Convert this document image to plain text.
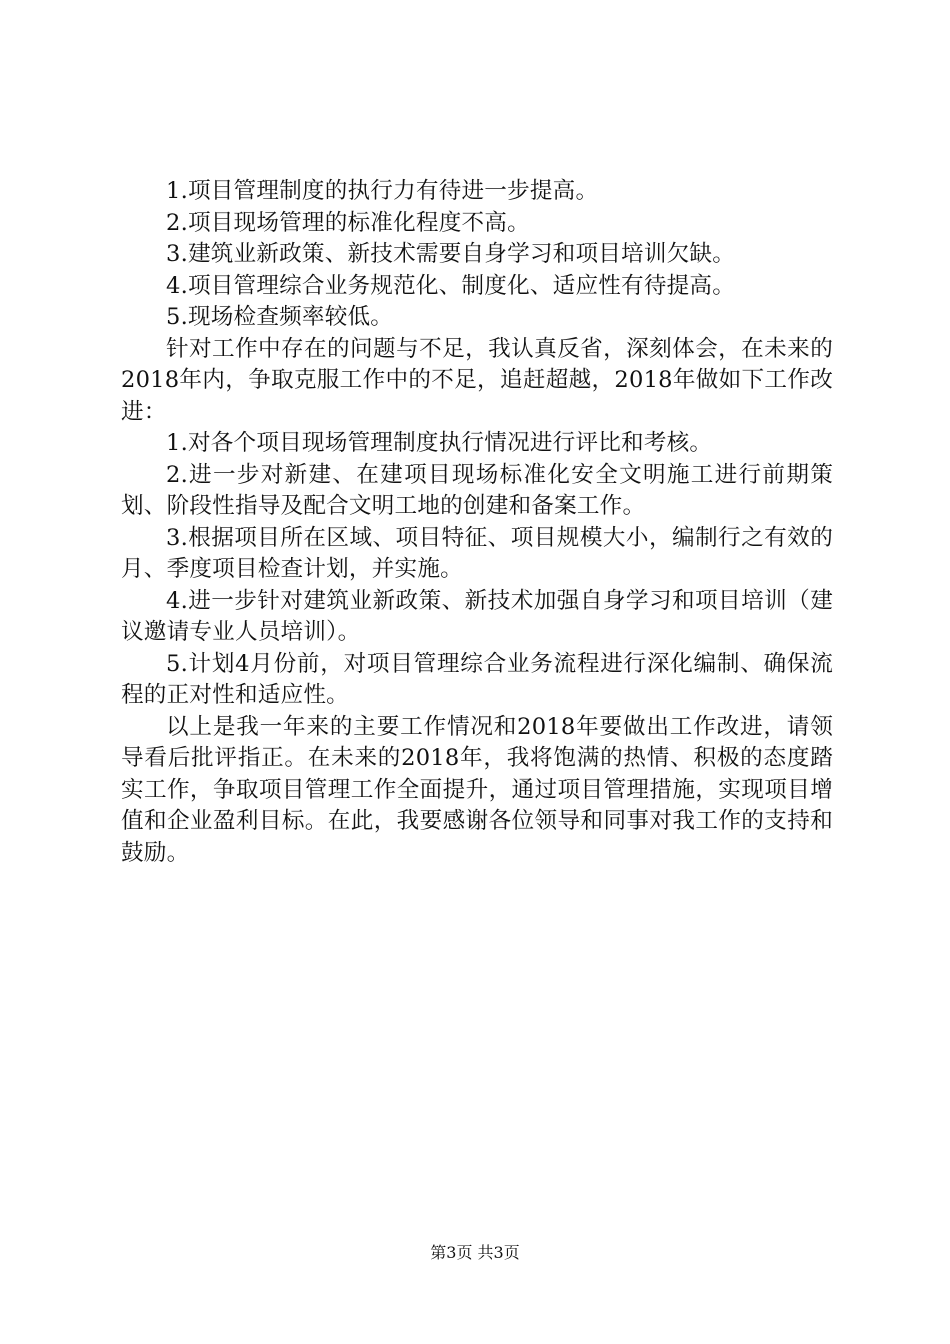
1.项目管理制度的执行力有待进一步提高。

2.项目现场管理的标准化程度不高。

3.建筑业新政策、新技术需要自身学习和项目培训欠缺。

4.项目管理综合业务规范化、制度化、适应性有待提高。

5.现场检查频率较低。

针对工作中存在的问题与不足，我认真反省，深刻体会，在未来的2018年内，争取克服工作中的不足，追赶超越，2018年做如下工作改进：

1.对各个项目现场管理制度执行情况进行评比和考核。

2.进一步对新建、在建项目现场标准化安全文明施工进行前期策划、阶段性指导及配合文明工地的创建和备案工作。

3.根据项目所在区域、项目特征、项目规模大小，编制行之有效的月、季度项目检查计划，并实施。

4.进一步针对建筑业新政策、新技术加强自身学习和项目培训（建议邀请专业人员培训）。

5.计划4月份前，对项目管理综合业务流程进行深化编制、确保流程的正对性和适应性。

以上是我一年来的主要工作情况和2018年要做出工作改进，请领导看后批评指正。在未来的2018年，我将饱满的热情、积极的态度踏实工作，争取项目管理工作全面提升，通过项目管理措施，实现项目增值和企业盈利目标。在此，我要感谢各位领导和同事对我工作的支持和鼓励。

第3页 共3页
